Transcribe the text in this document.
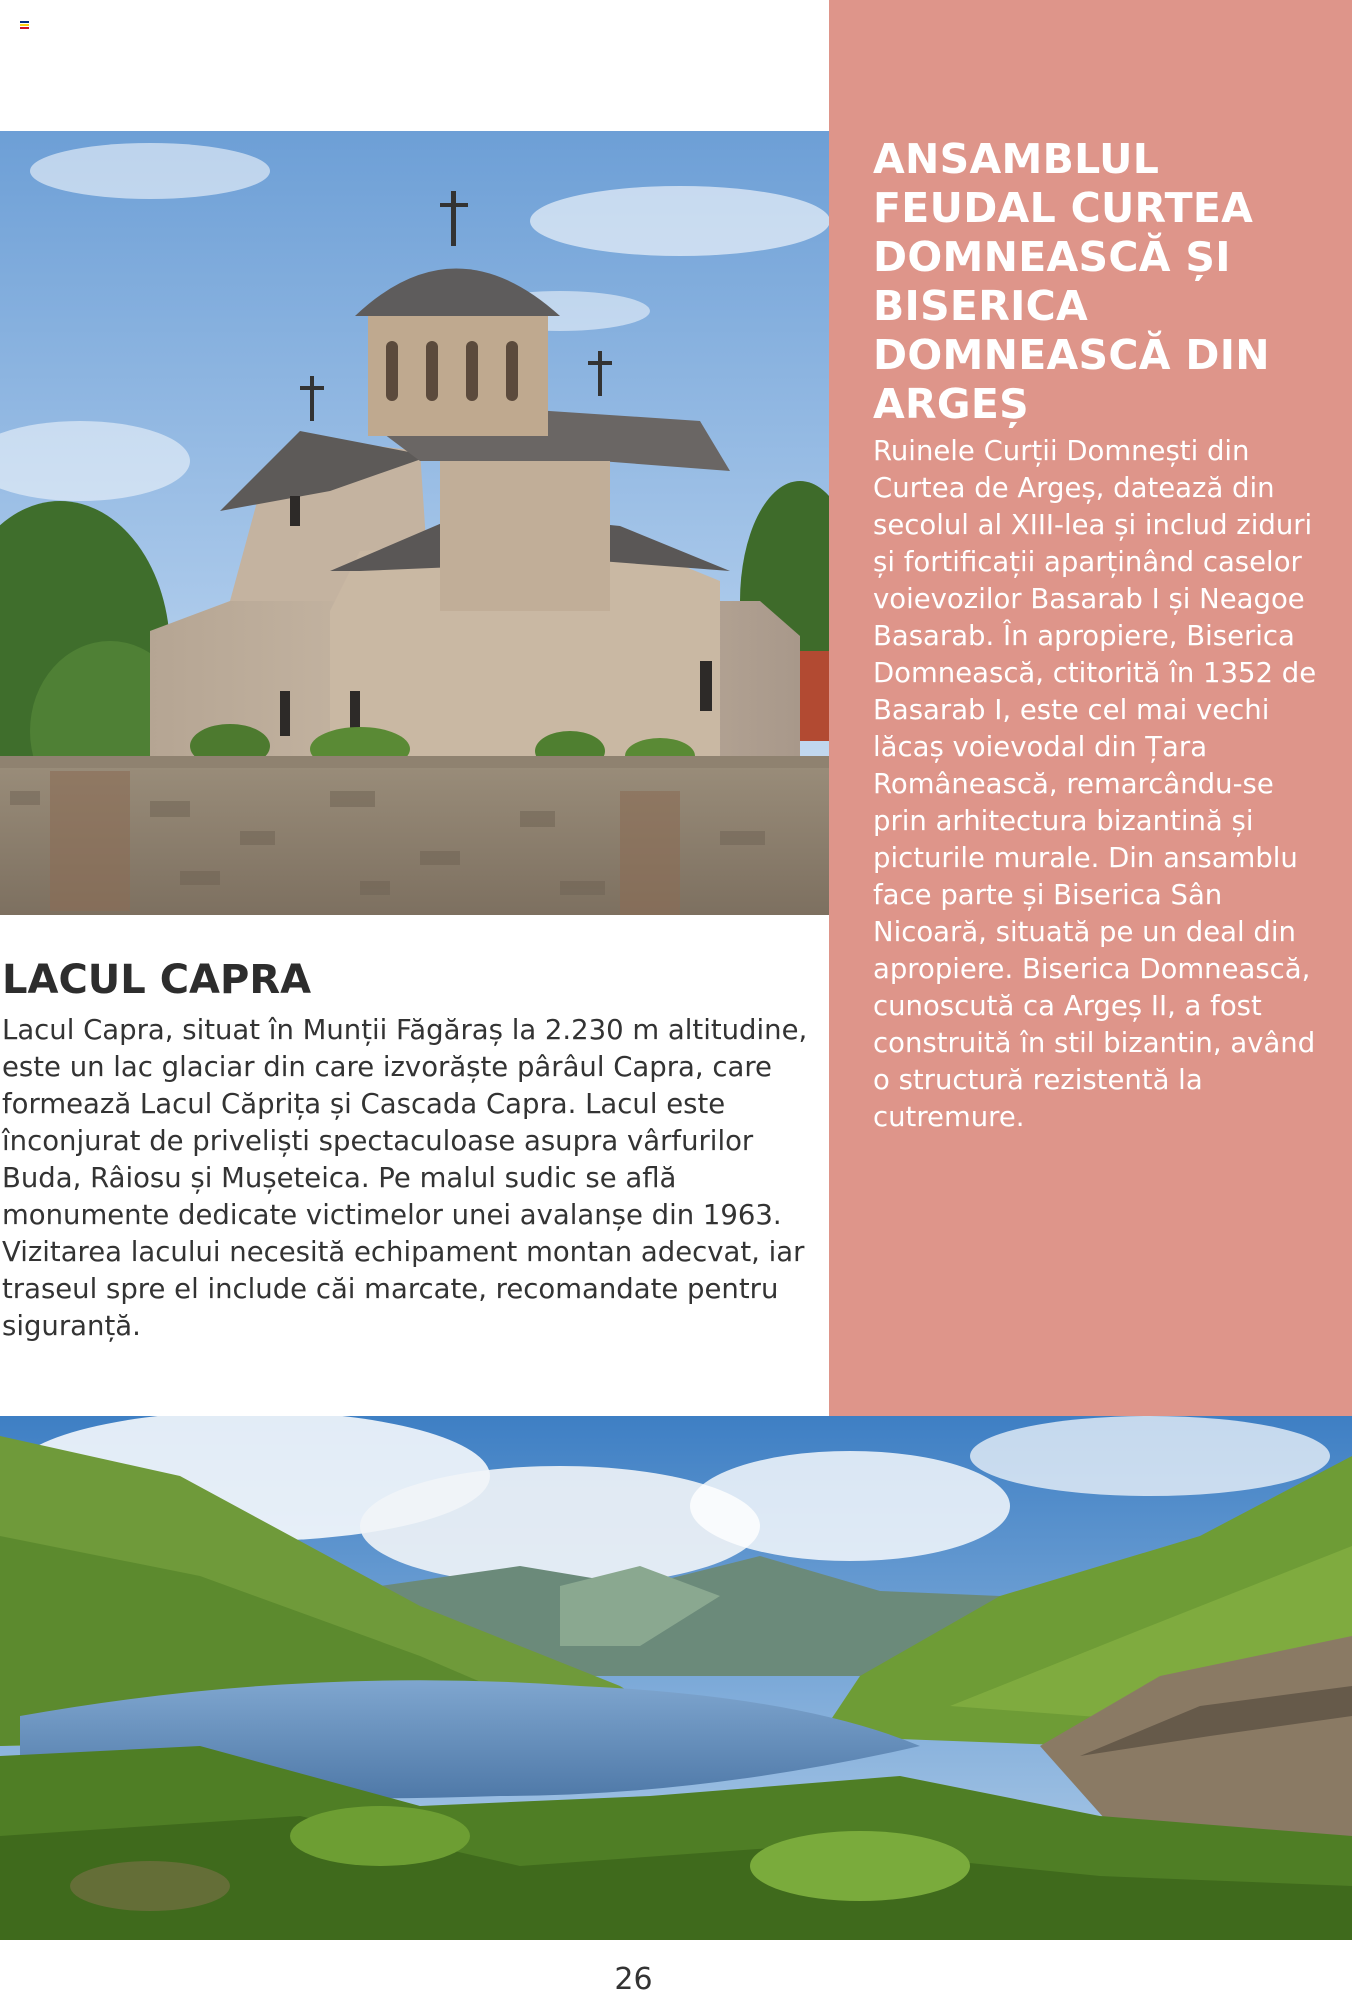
ANSAMBLUL FEUDAL CURTEA DOMNEASCĂ ȘI BISERICA DOMNEASCĂ DIN ARGEȘ

Ruinele Curții Domnești din Curtea de Argeș, datează din secolul al XIII-lea și includ ziduri și fortificații aparținând caselor voievozilor Basarab I și Neagoe Basarab. În apropiere, Biserica Domnească, ctitorită în 1352 de Basarab I, este cel mai vechi lăcaș voievodal din Țara Românească, remarcându-se prin arhitectura bizantină și picturile murale. Din ansamblu face parte și Biserica Sân Nicoară, situată pe un deal din apropiere. Biserica Domnească, cunoscută ca Argeș II, a fost construită în stil bizantin, având o structură rezistentă la cutremure.

LACUL CAPRA

Lacul Capra, situat în Munții Făgăraș la 2.230 m altitudine, este un lac glaciar din care izvorăște pârâul Capra, care formează Lacul Căprița și Cascada Capra. Lacul este înconjurat de priveliști spectaculoase asupra vârfurilor Buda, Râiosu și Mușeteica. Pe malul sudic se află monumente dedicate victimelor unei avalanșe din 1963. Vizitarea lacului necesită echipament montan adecvat, iar traseul spre el include căi marcate, recomandate pentru siguranță.

26
